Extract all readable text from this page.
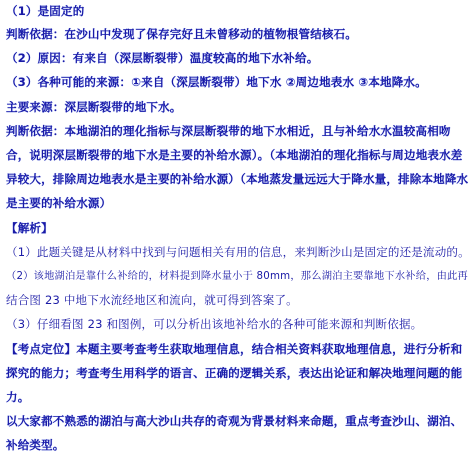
（1）是固定的
判断依据：在沙山中发现了保存完好且未曾移动的植物根管结核石。
（2）原因：有来自（深层断裂带）温度较高的地下水补给。
（3）各种可能的来源：①来自（深层断裂带）地下水 ②周边地表水 ③本地降水。
主要来源：深层断裂带的地下水。
判断依据：本地湖泊的理化指标与深层断裂带的地下水相近，且与补给水水温较高相吻
合，说明深层断裂带的地下水是主要的补给水源）。（本地湖泊的理化指标与周边地表水差
异较大，排除周边地表水是主要的补给水源）（本地蒸发量远远大于降水量，排除本地降水
是主要的补给水源）
【解析】
（1）此题关键是从材料中找到与问题相关有用的信息，来判断沙山是固定的还是流动的。
（2）该地湖泊是靠什么补给的，材料提到降水量小于 80mm，那么湖泊主要靠地下水补给，由此再
结合图 23 中地下水流经地区和流向，就可得到答案了。
（3）仔细看图 23 和图例，可以分析出该地补给水的各种可能来源和判断依据。
【考点定位】本题主要考查考生获取地理信息，结合相关资料获取地理信息，进行分析和
探究的能力；考查考生用科学的语言、正确的逻辑关系，表达出论证和解决地理问题的能
力。
以大家都不熟悉的湖泊与高大沙山共存的奇观为背景材料来命题，重点考查沙山、湖泊、
补给类型。
